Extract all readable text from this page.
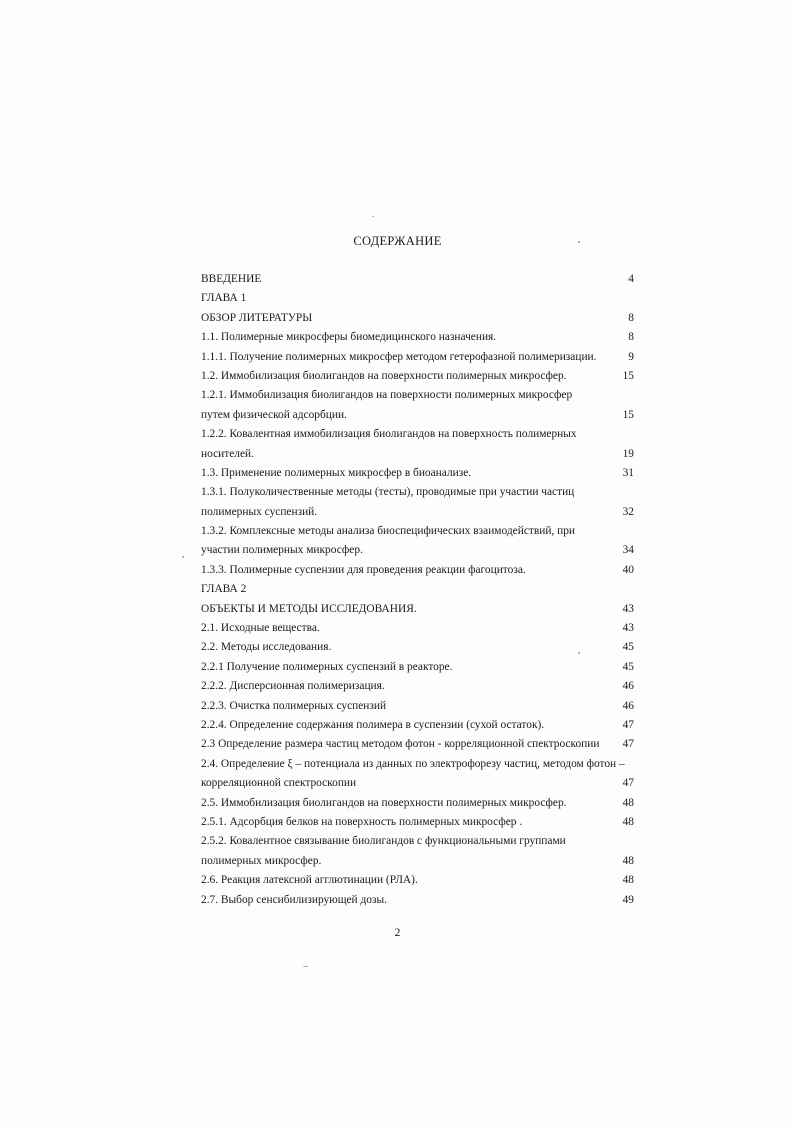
СОДЕРЖАНИЕ
ВВЕДЕНИЕ	4
ГЛАВА 1
ОБЗОР ЛИТЕРАТУРЫ	8
1.1. Полимерные микросферы биомедицинского назначения.	8
1.1.1. Получение полимерных микросфер методом гетерофазной полимеризации.	9
1.2. Иммобилизация биолигандов на поверхности полимерных микросфер.	15
1.2.1. Иммобилизация биолигандов на поверхности полимерных микросфер
путем физической адсорбции.	15
1.2.2. Ковалентная иммобилизация биолигандов на поверхность полимерных
носителей.	19
1.3. Применение полимерных микросфер в биоанализе.	31
1.3.1. Полуколичественные методы (тесты), проводимые при участии частиц
полимерных суспензий.	32
1.3.2. Комплексные методы анализа биоспецифических взаимодействий, при
участии полимерных микросфер.	34
1.3.3. Полимерные суспензии для проведения реакции фагоцитоза.	40
ГЛАВА 2
ОБЪЕКТЫ И МЕТОДЫ ИССЛЕДОВАНИЯ.	43
2.1. Исходные вещества.	43
2.2. Методы исследования.	45
2.2.1 Получение полимерных суспензий в реакторе.	45
2.2.2. Дисперсионная полимеризация.	46
2.2.3. Очистка полимерных суспензий	46
2.2.4. Определение содержания полимера в суспензии (сухой остаток).	47
2.3 Определение размера частиц методом фотон - корреляционной спектроскопии 47
2.4. Определение ξ – потенциала из данных по электрофорезу частиц, методом фотон –
корреляционной спектроскопии	47
2.5. Иммобилизация биолигандов на поверхности полимерных микросфер.	48
2.5.1. Адсорбция белков на поверхность полимерных микросфер .	48
2.5.2. Ковалентное связывание биолигандов с функциональными группами
полимерных микросфер.	48
2.6. Реакция латексной агглютинации (РЛА).	48
2.7. Выбор сенсибилизирующей дозы.	49
2
